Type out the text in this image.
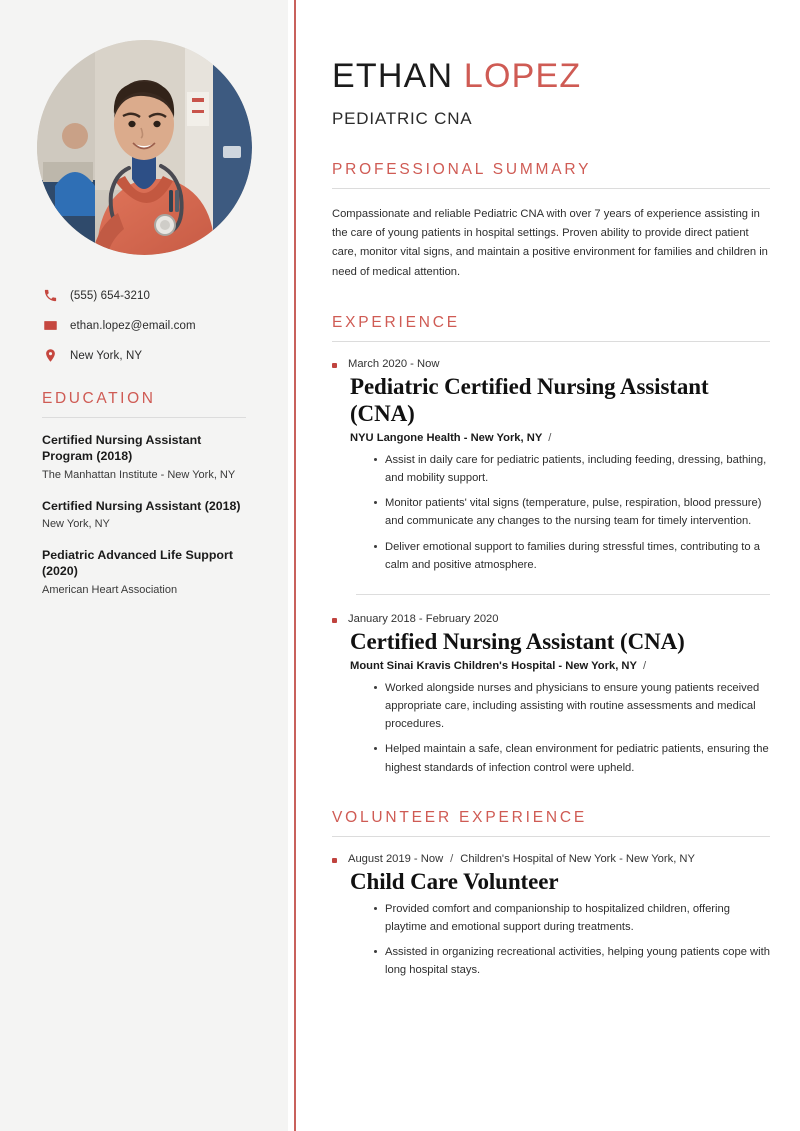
(555) 654-3210
ethan.lopez@email.com
New York, NY
EDUCATION
Certified Nursing Assistant Program (2018)
The Manhattan Institute - New York, NY
Certified Nursing Assistant (2018)
New York, NY
Pediatric Advanced Life Support (2020)
American Heart Association
ETHAN LOPEZ
PEDIATRIC CNA
PROFESSIONAL SUMMARY

Compassionate and reliable Pediatric CNA with over 7 years of experience assisting in the care of young patients in hospital settings. Proven ability to provide direct patient care, monitor vital signs, and maintain a positive environment for families and children in need of medical attention.

EXPERIENCE
March 2020 - Now
Pediatric Certified Nursing Assistant (CNA)
NYU Langone Health - New York, NY /
Assist in daily care for pediatric patients, including feeding, dressing, bathing, and mobility support.
Monitor patients' vital signs (temperature, pulse, respiration, blood pressure) and communicate any changes to the nursing team for timely intervention.
Deliver emotional support to families during stressful times, contributing to a calm and positive atmosphere.
January 2018 - February 2020
Certified Nursing Assistant (CNA)
Mount Sinai Kravis Children's Hospital - New York, NY /
Worked alongside nurses and physicians to ensure young patients received appropriate care, including assisting with routine assessments and medical procedures.
Helped maintain a safe, clean environment for pediatric patients, ensuring the highest standards of infection control were upheld.
VOLUNTEER EXPERIENCE
August 2019 - Now / Children's Hospital of New York - New York, NY
Child Care Volunteer
Provided comfort and companionship to hospitalized children, offering playtime and emotional support during treatments.
Assisted in organizing recreational activities, helping young patients cope with long hospital stays.
